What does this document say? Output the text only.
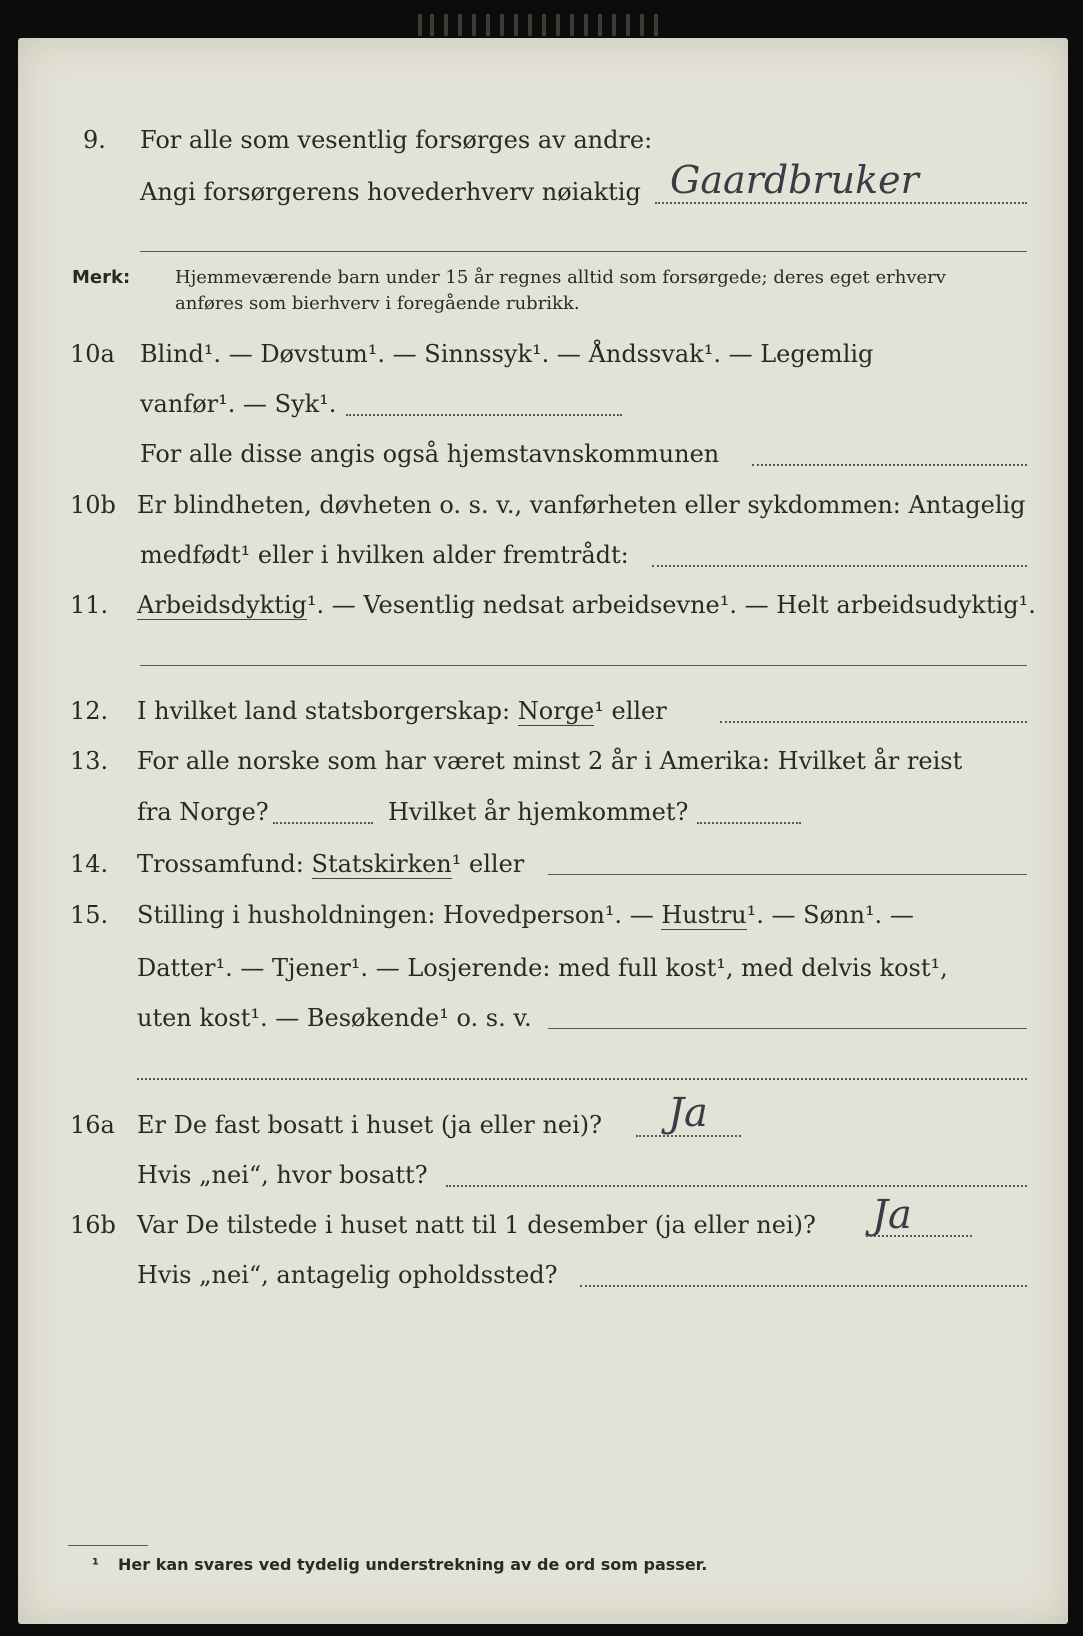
9. For alle som vesentlig forsørges av andre:
Angi forsørgerens hovederhverv nøiaktig Gaardbruker
Merk: Hjemmeværende barn under 15 år regnes alltid som forsørgede; deres eget erhverv
anføres som bierhverv i foregående rubrikk.
10a Blind¹. — Døvstum¹. — Sinnssyk¹. — Åndssvak¹. — Legemlig
vanfør¹. — Syk¹.
For alle disse angis også hjemstavnskommunen
10b Er blindheten, døvheten o. s. v., vanførheten eller sykdommen: Antagelig
medfødt¹ eller i hvilken alder fremtrådt:
11. Arbeidsdyktig¹. — Vesentlig nedsat arbeidsevne¹. — Helt arbeidsudyktig¹.
12. I hvilket land statsborgerskap: Norge¹ eller
13. For alle norske som har været minst 2 år i Amerika: Hvilket år reist
fra Norge?	Hvilket år hjemkommet?
14. Trossamfund: Statskirken¹ eller
15. Stilling i husholdningen: Hovedperson¹. — Hustru¹. — Sønn¹. —
Datter¹. — Tjener¹. — Losjerende: med full kost¹, med delvis kost¹,
uten kost¹. — Besøkende¹ o. s. v.
16a Er De fast bosatt i huset (ja eller nei)? Ja
Hvis „nei“, hvor bosatt?
16b Var De tilstede i huset natt til 1 desember (ja eller nei)? Ja
Hvis „nei“, antagelig opholdssted?
¹ Her kan svares ved tydelig understrekning av de ord som passer.
